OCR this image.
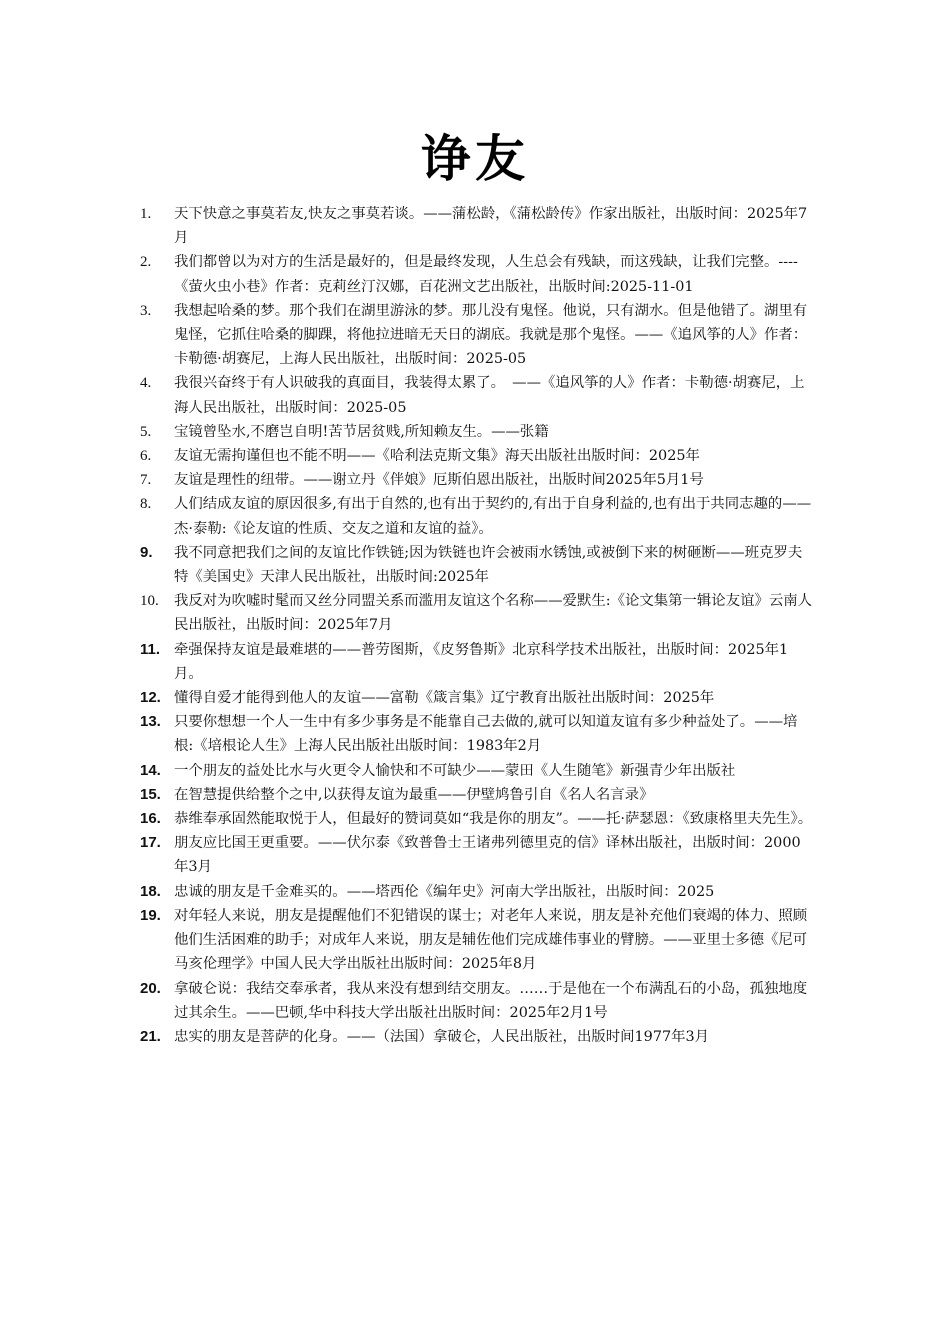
诤友
1. 天下快意之事莫若友,快友之事莫若谈。——蒲松龄，《蒲松龄传》作家出版社，出版时间：2025年7月
2. 我们都曾以为对方的生活是最好的，但是最终发现，人生总会有残缺，而这残缺，让我们完整。----《萤火虫小巷》作者：克莉丝汀汉娜，百花洲文艺出版社，出版时间:2025-11-01
3. 我想起哈桑的梦。那个我们在湖里游泳的梦。那儿没有鬼怪。他说，只有湖水。但是他错了。湖里有鬼怪，它抓住哈桑的脚踝，将他拉进暗无天日的湖底。我就是那个鬼怪。——《追风筝的人》作者：卡勒德·胡赛尼，上海人民出版社，出版时间：2025-05
4. 我很兴奋终于有人识破我的真面目，我装得太累了。　——《追风筝的人》作者：卡勒德·胡赛尼，上海人民出版社，出版时间：2025-05
5. 宝镜曾坠水,不磨岂自明!苦节居贫贱,所知赖友生。——张籍
6. 友谊无需拘谨但也不能不明——《哈利法克斯文集》海天出版社出版时间：2025年
7. 友谊是理性的纽带。——谢立丹《伴娘》厄斯伯恩出版社，出版时间2025年5月1号
8. 人们结成友谊的原因很多,有出于自然的,也有出于契约的,有出于自身利益的,也有出于共同志趣的——杰·泰勒:《论友谊的性质、交友之道和友谊的益》。
9. 我不同意把我们之间的友谊比作铁链;因为铁链也许会被雨水锈蚀,或被倒下来的树砸断——班克罗夫特《美国史》天津人民出版社，出版时间:2025年
10. 我反对为吹嘘时髦而又丝分同盟关系而滥用友谊这个名称——爱默生:《论文集第一辑论友谊》云南人民出版社，出版时间：2025年7月
11. 牵强保持友谊是最难堪的——普劳图斯，《皮努鲁斯》北京科学技术出版社，出版时间：2025年1月。
12. 懂得自爱才能得到他人的友谊——富勒《箴言集》辽宁教育出版社出版时间：2025年
13. 只要你想想一个人一生中有多少事务是不能靠自己去做的,就可以知道友谊有多少种益处了。——培根:《培根论人生》上海人民出版社出版时间：1983年2月
14. 一个朋友的益处比水与火更令人愉快和不可缺少——蒙田《人生随笔》新强青少年出版社
15. 在智慧提供给整个之中,以获得友谊为最重——伊壁鸠鲁引自《名人名言录》
16. 恭维奉承固然能取悦于人，但最好的赞词莫如“我是你的朋友”。——托·萨瑟恩：《致康格里夫先生》。
17. 朋友应比国王更重要。——伏尔泰《致普鲁士王诸弗列德里克的信》译林出版社，出版时间：2000年3月
18. 忠诚的朋友是千金难买的。——塔西伦《编年史》河南大学出版社，出版时间：2025
19. 对年轻人来说，朋友是提醒他们不犯错误的谋士；对老年人来说，朋友是补充他们衰竭的体力、照顾他们生活困难的助手；对成年人来说，朋友是辅佐他们完成雄伟事业的臂膀。——亚里士多德《尼可马亥伦理学》中国人民大学出版社出版时间：2025年8月
20. 拿破仑说：我结交奉承者，我从来没有想到结交朋友。……于是他在一个布满乱石的小岛，孤独地度过其余生。——巴顿,华中科技大学出版社出版时间：2025年2月1号
21. 忠实的朋友是菩萨的化身。——（法国）拿破仑，人民出版社，出版时间1977年3月
